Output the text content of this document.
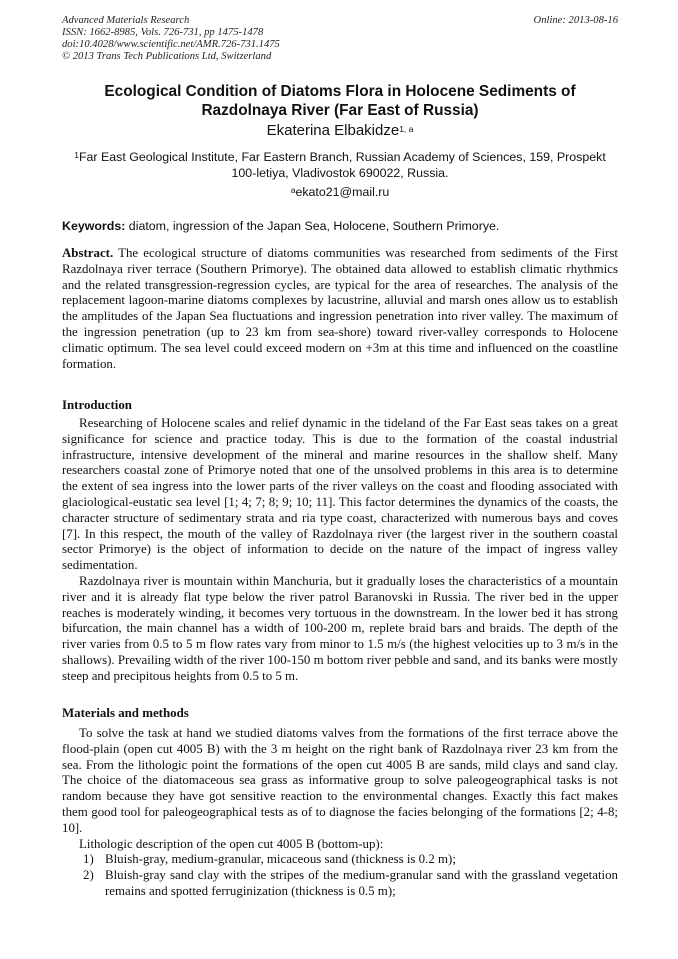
Advanced Materials Research
ISSN: 1662-8985, Vols. 726-731, pp 1475-1478
doi:10.4028/www.scientific.net/AMR.726-731.1475
© 2013 Trans Tech Publications Ltd, Switzerland
Online: 2013-08-16
Ecological Condition of Diatoms Flora in Holocene Sediments of
Razdolnaya River (Far East of Russia)
Ekaterina Elbakidze$^{1, a}$
$^1$Far East Geological Institute, Far Eastern Branch, Russian Academy of Sciences, 159, Prospekt
100-letiya, Vladivostok 690022, Russia.
$^a$ekato21@mail.ru
Keywords: diatom, ingression of the Japan Sea, Holocene, Southern Primorye.
Abstract. The ecological structure of diatoms communities was researched from sediments of the First Razdolnaya river terrace (Southern Primorye). The obtained data allowed to establish climatic rhythmics and the related transgression-regression cycles, are typical for the area of researches. The analysis of the replacement lagoon-marine diatoms complexes by lacustrine, alluvial and marsh ones allow us to establish the amplitudes of the Japan Sea fluctuations and ingression penetration into river valley. The maximum of the ingression penetration (up to 23 km from sea-shore) toward river-valley corresponds to Holocene climatic optimum. The sea level could exceed modern on +3m at this time and influenced on the coastline formation.
Introduction

Researching of Holocene scales and relief dynamic in the tideland of the Far East seas takes on a great significance for science and practice today. This is due to the formation of the coastal industrial infrastructure, intensive development of the mineral and marine resources in the shallow shelf. Many researchers coastal zone of Primorye noted that one of the unsolved problems in this area is to determine the extent of sea ingress into the lower parts of the river valleys on the coast and flooding associated with glaciological-eustatic sea level [1; 4; 7; 8; 9; 10; 11]. This factor determines the dynamics of the coasts, the character structure of sedimentary strata and ria type coast, characterized with numerous bays and coves [7]. In this respect, the mouth of the valley of Razdolnaya river (the largest river in the southern coastal sector Primorye) is the object of information to decide on the nature of the impact of ingress valley sedimentation.

Razdolnaya river is mountain within Manchuria, but it gradually loses the characteristics of a mountain river and it is already flat type below the river patrol Baranovski in Russia. The river bed in the upper reaches is moderately winding, it becomes very tortuous in the downstream. In the lower bed it has strong bifurcation, the main channel has a width of 100-200 m, replete braid bars and braids. The depth of the river varies from 0.5 to 5 m flow rates vary from minor to 1.5 m/s (the highest velocities up to 3 m/s in the shallows). Prevailing width of the river 100-150 m bottom river pebble and sand, and its banks were mostly steep and precipitous heights from 0.5 to 5 m.

Materials and methods

To solve the task at hand we studied diatoms valves from the formations of the first terrace above the flood-plain (open cut 4005 B) with the 3 m height on the right bank of Razdolnaya river 23 km from the sea. From the lithologic point the formations of the open cut 4005 B are sands, mild clays and sand clay. The choice of the diatomaceous sea grass as informative group to solve paleogeographical tasks is not random because they have got sensitive reaction to the environmental changes. Exactly this fact makes them good tool for paleogeographical tests as of to diagnose the facies belonging of the formations [2; 4-8; 10].

Lithologic description of the open cut 4005 B (bottom-up):

1) Bluish-gray, medium-granular, micaceous sand (thickness is 0.2 m);
2) Bluish-gray sand clay with the stripes of the medium-granular sand with the grassland vegetation remains and spotted ferruginization (thickness is 0.5 m);
